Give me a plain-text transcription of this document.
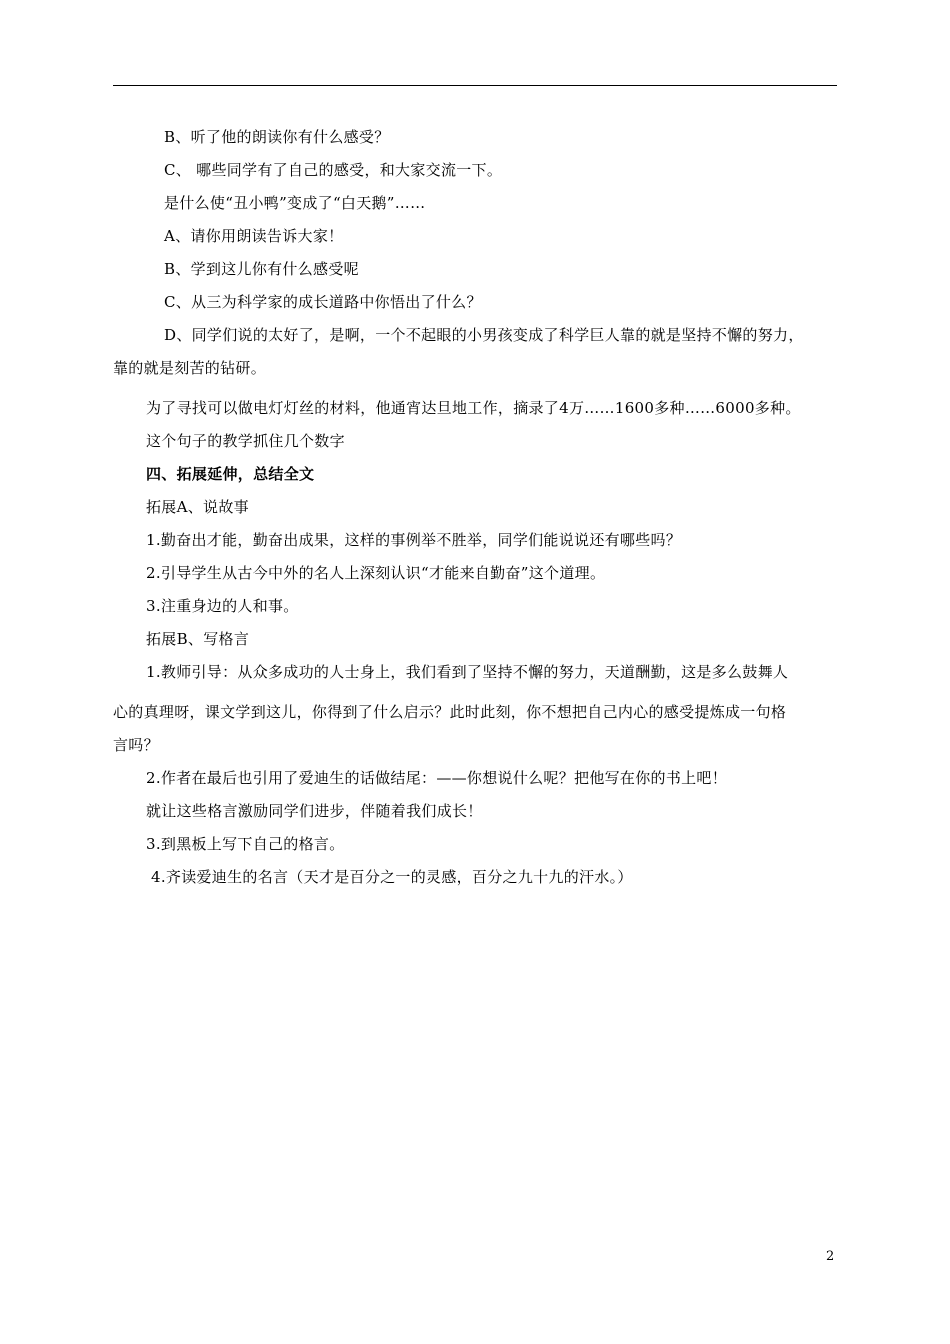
B、听了他的朗读你有什么感受？
C、 哪些同学有了自己的感受，和大家交流一下。
是什么使“丑小鸭”变成了“白天鹅”……
A、请你用朗读告诉大家！
B、学到这儿你有什么感受呢
C、从三为科学家的成长道路中你悟出了什么？
D、同学们说的太好了，是啊，一个不起眼的小男孩变成了科学巨人靠的就是坚持不懈的努力，
靠的就是刻苦的钻研。
为了寻找可以做电灯灯丝的材料，他通宵达旦地工作，摘录了4万……1600多种……6000多种。
这个句子的教学抓住几个数字
四、拓展延伸，总结全文
拓展A、说故事
1.勤奋出才能，勤奋出成果，这样的事例举不胜举，同学们能说说还有哪些吗？
2.引导学生从古今中外的名人上深刻认识“才能来自勤奋”这个道理。
3.注重身边的人和事。
拓展B、写格言
1.教师引导：从众多成功的人士身上，我们看到了坚持不懈的努力，天道酬勤，这是多么鼓舞人
心的真理呀，课文学到这儿，你得到了什么启示？此时此刻，你不想把自己内心的感受提炼成一句格
言吗？
2.作者在最后也引用了爱迪生的话做结尾：——你想说什么呢？把他写在你的书上吧！
就让这些格言激励同学们进步，伴随着我们成长！
3.到黑板上写下自己的格言。
4.齐读爱迪生的名言（天才是百分之一的灵感，百分之九十九的汗水。）
2
